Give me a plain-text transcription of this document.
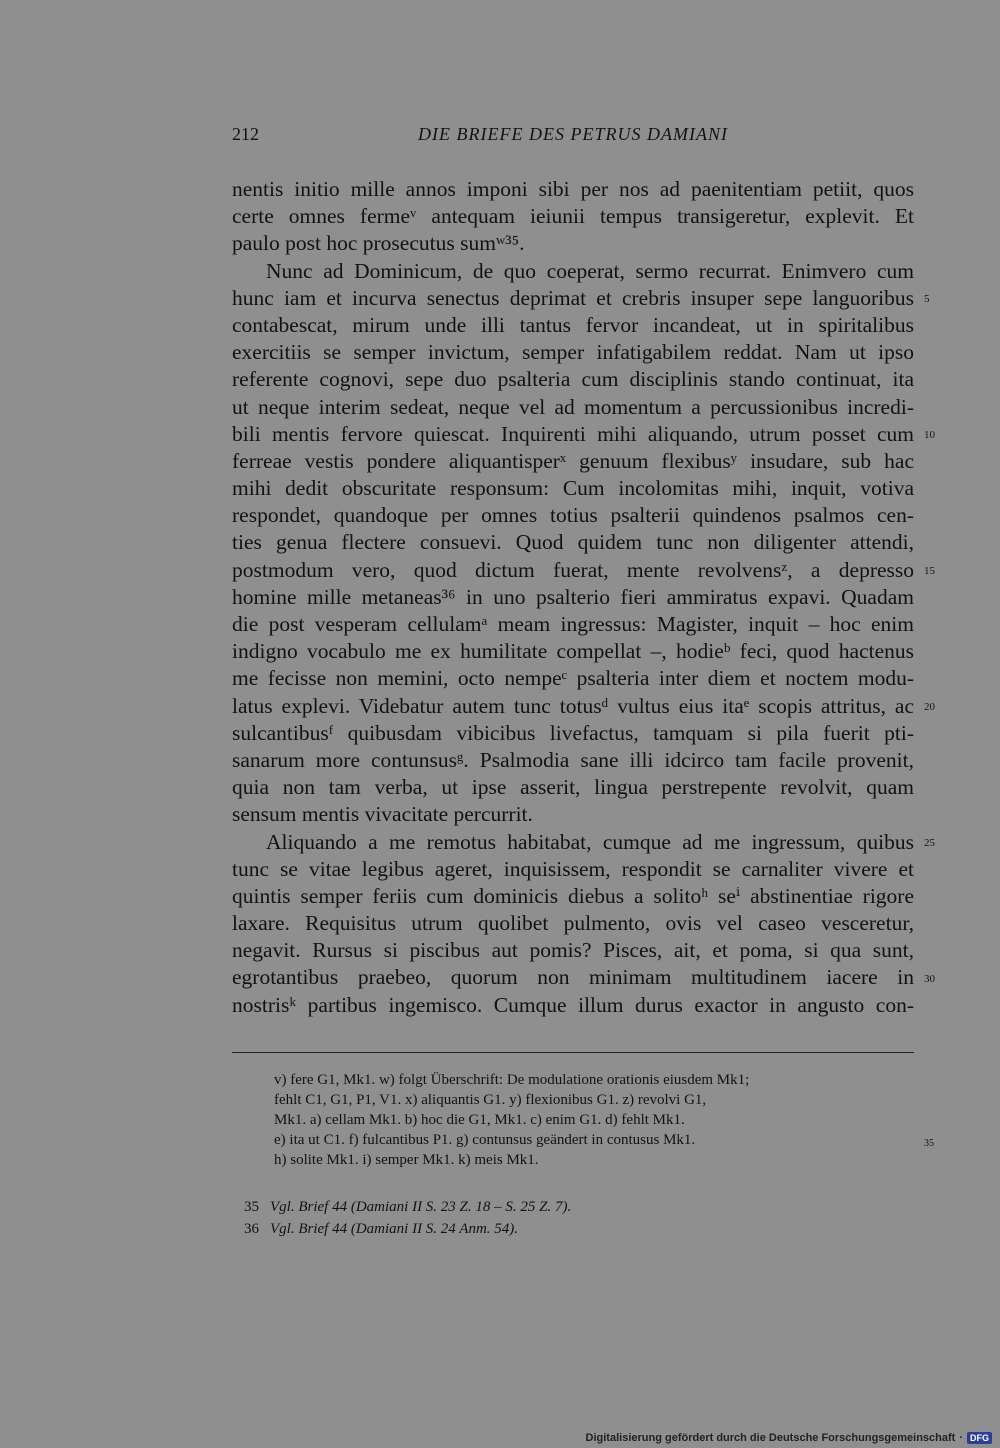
212	DIE BRIEFE DES PETRUS DAMIANI
nentis initio mille annos imponi sibi per nos ad paenitentiam petiit, quos
certe omnes fermeᵛ antequam ieiunii tempus transigeretur, explevit. Et
paulo post hoc prosecutus sumʷ³⁵.
Nunc ad Dominicum, de quo coeperat, sermo recurrat. Enimvero cum
hunc iam et incurva senectus deprimat et crebris insuper sepe languoribus
contabescat, mirum unde illi tantus fervor incandeat, ut in spiritalibus
exercitiis se semper invictum, semper infatigabilem reddat. Nam ut ipso
referente cognovi, sepe duo psalteria cum disciplinis stando continuat, ita
ut neque interim sedeat, neque vel ad momentum a percussionibus incredi-
bili mentis fervore quiescat. Inquirenti mihi aliquando, utrum posset cum
ferreae vestis pondere aliquantisperˣ genuum flexibusʸ insudare, sub hac
mihi dedit obscuritate responsum: Cum incolomitas mihi, inquit, votiva
respondet, quandoque per omnes totius psalterii quindenos psalmos cen-
ties genua flectere consuevi. Quod quidem tunc non diligenter attendi,
postmodum vero, quod dictum fuerat, mente revolvensᶻ, a depresso
homine mille metaneas³⁶ in uno psalterio fieri ammiratus expavi. Quadam
die post vesperam cellulamᵃ meam ingressus: Magister, inquit – hoc enim
indigno vocabulo me ex humilitate compellat –, hodieᵇ feci, quod hactenus
me fecisse non memini, octo nempeᶜ psalteria inter diem et noctem modu-
latus explevi. Videbatur autem tunc totusᵈ vultus eius itaᵉ scopis attritus, ac
sulcantibusᶠ quibusdam vibicibus livefactus, tamquam si pila fuerit pti-
sanarum more contunsusᵍ. Psalmodia sane illi idcirco tam facile provenit,
quia non tam verba, ut ipse asserit, lingua perstrepente revolvit, quam
sensum mentis vivacitate percurrit.
Aliquando a me remotus habitabat, cumque ad me ingressum, quibus
tunc se vitae legibus ageret, inquisissem, respondit se carnaliter vivere et
quintis semper feriis cum dominicis diebus a solitoʰ seⁱ abstinentiae rigore
laxare. Requisitus utrum quolibet pulmento, ovis vel caseo vesceretur,
negavit. Rursus si piscibus aut pomis? Pisces, ait, et poma, si qua sunt,
egrotantibus praebeo, quorum non minimam multitudinem iacere in
nostrisᵏ partibus ingemisco. Cumque illum durus exactor in angusto con-
5
10
15
20
25
30
v) fere G1, Mk1. w) folgt Überschrift: De modulatione orationis eiusdem Mk1;
fehlt C1, G1, P1, V1. x) aliquantis G1. y) flexionibus G1. z) revolvi G1,
Mk1. a) cellam Mk1. b) hoc die G1, Mk1. c) enim G1. d) fehlt Mk1.
e) ita ut C1. f) fulcantibus P1. g) contunsus geändert in contusus Mk1.
h) solite Mk1. i) semper Mk1. k) meis Mk1.
35
35 Vgl. Brief 44 (Damiani II S. 23 Z. 18 – S. 25 Z. 7).
36 Vgl. Brief 44 (Damiani II S. 24 Anm. 54).
Digitalisierung gefördert durch die Deutsche Forschungsgemeinschaft · DFG
